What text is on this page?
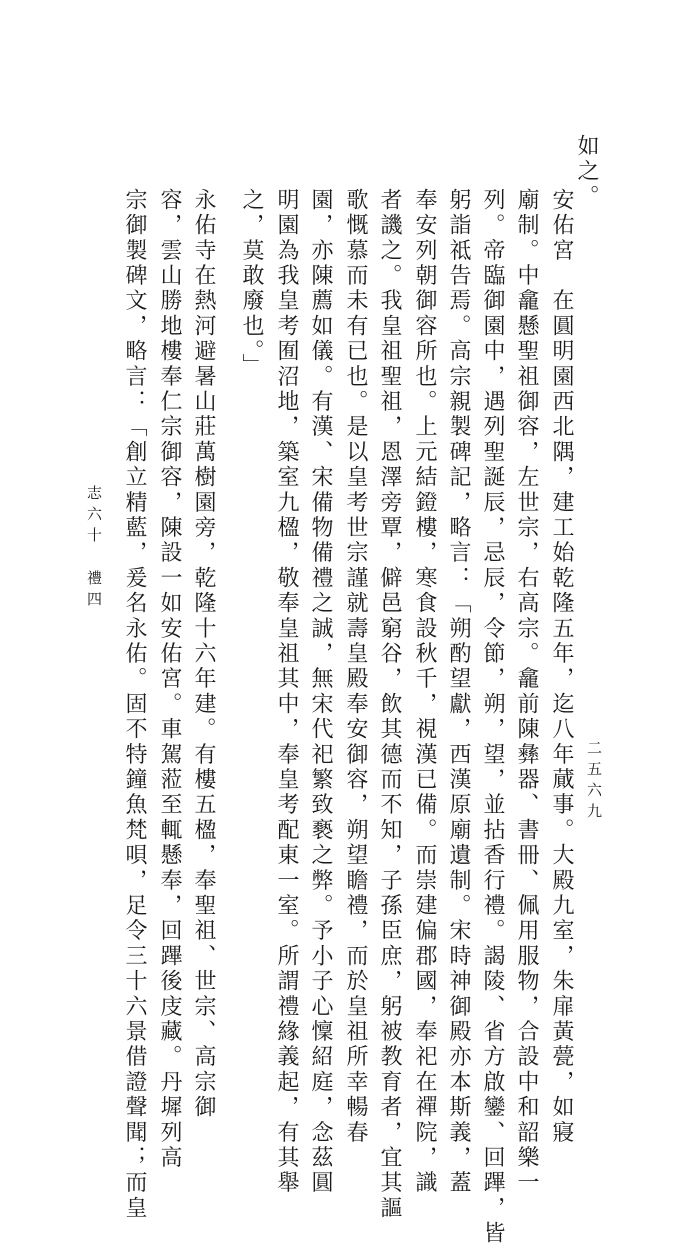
如之。
安佑宮　在圓明園西北隅，建工始乾隆五年，迄八年蕆事。大殿九室，朱扉黃甍，如寢
廟制。中龕懸聖祖御容，左世宗，右高宗。龕前陳彝器、書冊、佩用服物，合設中和韶樂一
列。帝臨御園中，遇列聖誕辰，忌辰，令節，朔，望，並拈香行禮。謁陵、省方啟鑾、回蹕，皆
躬詣祗告焉。高宗親製碑記，略言：「朔酌望獻，西漢原廟遺制。宋時神御殿亦本斯義，蓋
奉安列朝御容所也。上元結鐙樓，寒食設秋千，視漢已備。而崇建偏郡國，奉祀在禪院，識
者譏之。我皇祖聖祖，恩澤旁覃，僻邑窮谷，飲其德而不知，子孫臣庶，躬被教育者，宜其謳
歌慨慕而未有已也。是以皇考世宗謹就壽皇殿奉安御容，朔望瞻禮，而於皇祖所幸暢春
園，亦陳薦如儀。有漢、宋備物備禮之誠，無宋代祀繁致褻之弊。予小子心懍紹庭，念茲圓
明園為我皇考囿沼地，築室九楹，敬奉皇祖其中，奉皇考配東一室。所謂禮緣義起，有其舉
之，莫敢廢也。」
永佑寺在熱河避暑山莊萬樹園旁，乾隆十六年建。有樓五楹，奉聖祖、世宗、高宗御
容，雲山勝地樓奉仁宗御容，陳設一如安佑宮。車駕蒞至輒懸奉，回蹕後庋藏。丹墀列高
宗御製碑文，略言：「創立精藍，爰名永佑。固不特鐘魚梵唄，足令三十六景借證聲聞；而皇
志六十
禮四
二五六九
